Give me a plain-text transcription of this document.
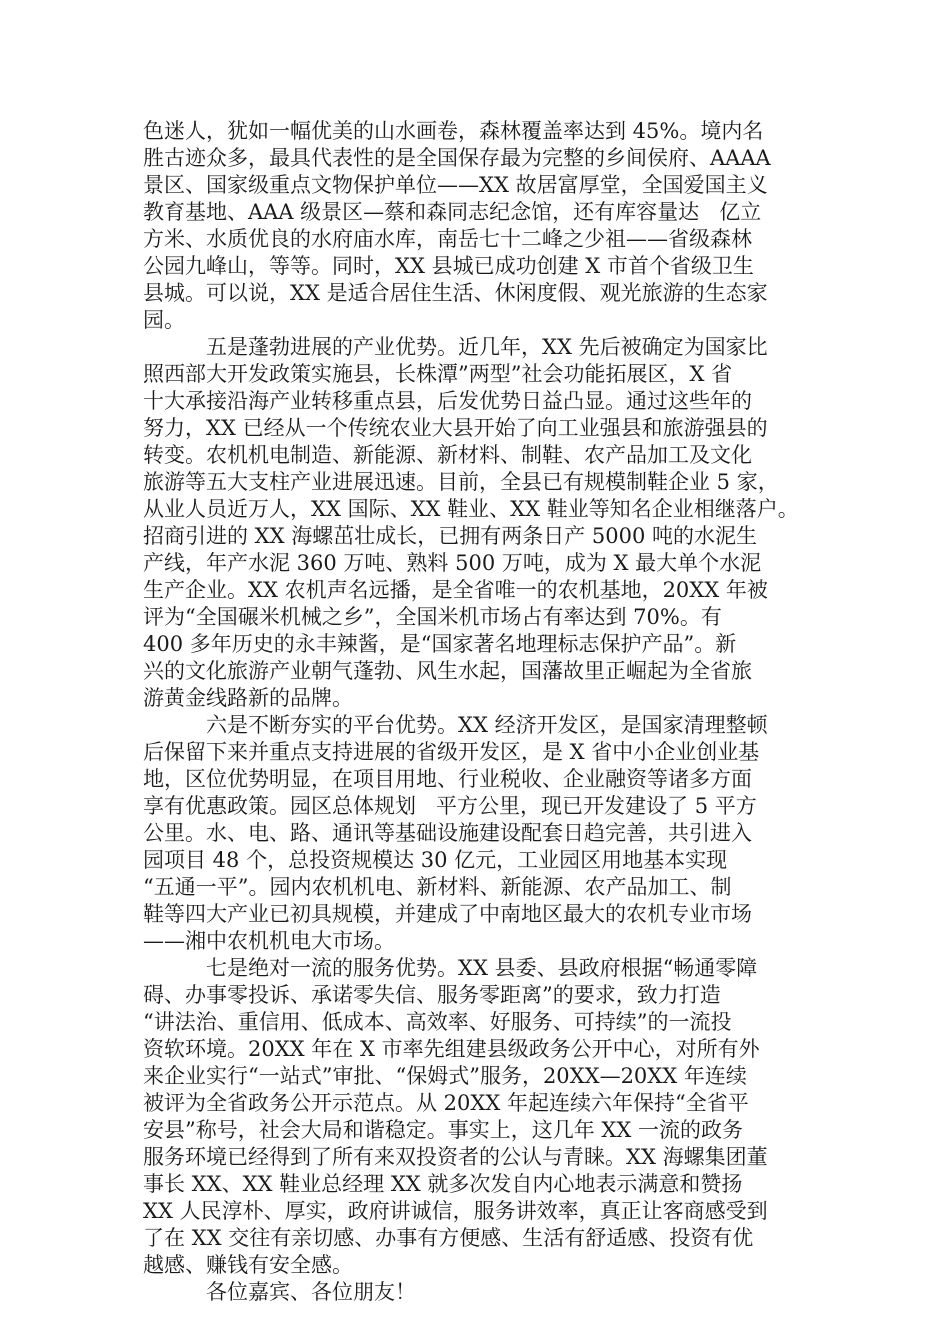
色迷人，犹如一幅优美的山水画卷，森林覆盖率达到 45%。境内名
胜古迹众多，最具代表性的是全国保存最为完整的乡间侯府、AAAA
景区、国家级重点文物保护单位——XX 故居富厚堂，全国爱国主义
教育基地、AAA 级景区—蔡和森同志纪念馆，还有库容量达   亿立
方米、水质优良的水府庙水库，南岳七十二峰之少祖——省级森林
公园九峰山，等等。同时，XX 县城已成功创建 X 市首个省级卫生
县城。可以说，XX 是适合居住生活、休闲度假、观光旅游的生态家
园。
五是蓬勃进展的产业优势。近几年，XX 先后被确定为国家比
照西部大开发政策实施县，长株潭”两型”社会功能拓展区，X 省
十大承接沿海产业转移重点县，后发优势日益凸显。通过这些年的
努力，XX 已经从一个传统农业大县开始了向工业强县和旅游强县的
转变。农机机电制造、新能源、新材料、制鞋、农产品加工及文化
旅游等五大支柱产业进展迅速。目前，全县已有规模制鞋企业 5 家，
从业人员近万人，XX 国际、XX 鞋业、XX 鞋业等知名企业相继落户。
招商引进的 XX 海螺茁壮成长，已拥有两条日产 5000 吨的水泥生
产线，年产水泥 360 万吨、熟料 500 万吨，成为 X 最大单个水泥
生产企业。XX 农机声名远播，是全省唯一的农机基地，20XX 年被
评为“全国碾米机械之乡”，全国米机市场占有率达到 70%。有
400 多年历史的永丰辣酱，是“国家著名地理标志保护产品”。新
兴的文化旅游产业朝气蓬勃、风生水起，国藩故里正崛起为全省旅
游黄金线路新的品牌。
六是不断夯实的平台优势。XX 经济开发区，是国家清理整顿
后保留下来并重点支持进展的省级开发区，是 X 省中小企业创业基
地，区位优势明显，在项目用地、行业税收、企业融资等诸多方面
享有优惠政策。园区总体规划   平方公里，现已开发建设了 5 平方
公里。水、电、路、通讯等基础设施建设配套日趋完善，共引进入
园项目 48 个，总投资规模达 30 亿元，工业园区用地基本实现
“五通一平”。园内农机机电、新材料、新能源、农产品加工、制
鞋等四大产业已初具规模，并建成了中南地区最大的农机专业市场
——湘中农机机电大市场。
七是绝对一流的服务优势。XX 县委、县政府根据“畅通零障
碍、办事零投诉、承诺零失信、服务零距离”的要求，致力打造
“讲法治、重信用、低成本、高效率、好服务、可持续”的一流投
资软环境。20XX 年在 X 市率先组建县级政务公开中心，对所有外
来企业实行“一站式”审批、“保姆式”服务，20XX—20XX 年连续
被评为全省政务公开示范点。从 20XX 年起连续六年保持“全省平
安县”称号，社会大局和谐稳定。事实上，这几年 XX 一流的政务
服务环境已经得到了所有来双投资者的公认与青睐。XX 海螺集团董
事长 XX、XX 鞋业总经理 XX 就多次发自内心地表示满意和赞扬
XX 人民淳朴、厚实，政府讲诚信，服务讲效率，真正让客商感受到
了在 XX 交往有亲切感、办事有方便感、生活有舒适感、投资有优
越感、赚钱有安全感。
各位嘉宾、各位朋友！
